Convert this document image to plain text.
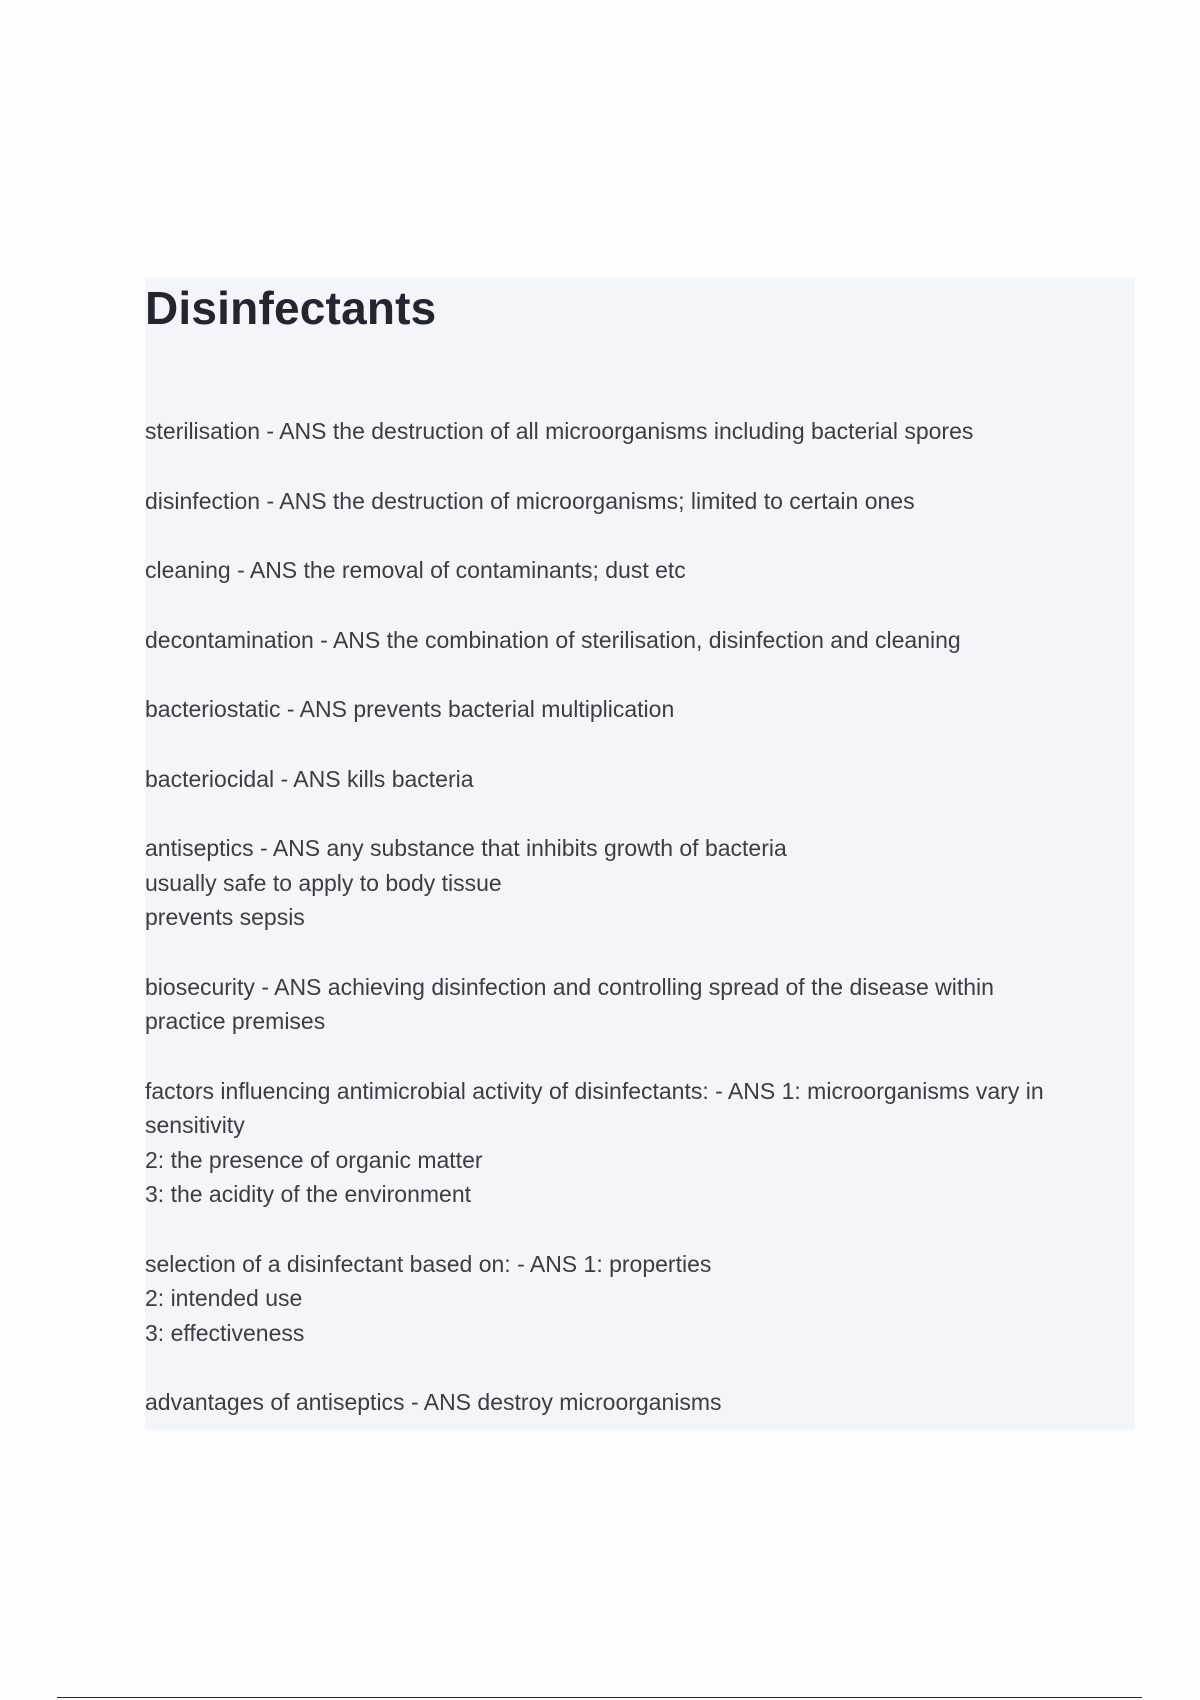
Disinfectants
sterilisation - ANS the destruction of all microorganisms including bacterial spores
disinfection - ANS the destruction of microorganisms; limited to certain ones
cleaning - ANS the removal of contaminants; dust etc
decontamination - ANS the combination of sterilisation, disinfection and cleaning
bacteriostatic - ANS prevents bacterial multiplication
bacteriocidal - ANS kills bacteria
antiseptics - ANS any substance that inhibits growth of bacteria
usually safe to apply to body tissue
prevents sepsis
biosecurity - ANS achieving disinfection and controlling spread of the disease within
practice premises
factors influencing antimicrobial activity of disinfectants: - ANS 1: microorganisms vary in
sensitivity
2: the presence of organic matter
3: the acidity of the environment
selection of a disinfectant based on: - ANS 1: properties
2: intended use
3: effectiveness
advantages of antiseptics - ANS destroy microorganisms
